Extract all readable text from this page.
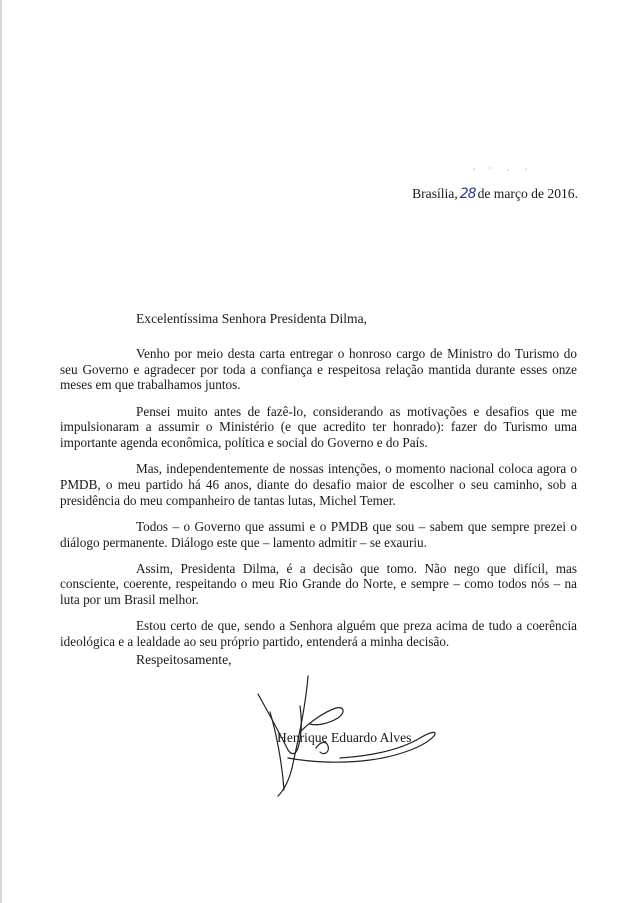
Brasília, 28 de março de 2016.
Excelentíssima Senhora Presidenta Dilma,

Venho por meio desta carta entregar o honroso cargo de Ministro do Turismo do seu Governo e agradecer por toda a confiança e respeitosa relação mantida durante esses onze meses em que trabalhamos juntos.

Pensei muito antes de fazê-lo, considerando as motivações e desafios que me impulsionaram a assumir o Ministério (e que acredito ter honrado): fazer do Turismo uma importante agenda econômica, política e social do Governo e do País.

Mas, independentemente de nossas intenções, o momento nacional coloca agora o PMDB, o meu partido há 46 anos, diante do desafio maior de escolher o seu caminho, sob a presidência do meu companheiro de tantas lutas, Michel Temer.

Todos – o Governo que assumi e o PMDB que sou – sabem que sempre prezei o diálogo permanente. Diálogo este que – lamento admitir – se exauriu.

Assim, Presidenta Dilma, é a decisão que tomo. Não nego que difícil, mas consciente, coerente, respeitando o meu Rio Grande do Norte, e sempre – como todos nós – na luta por um Brasil melhor.

Estou certo de que, sendo a Senhora alguém que preza acima de tudo a coerência ideológica e a lealdade ao seu próprio partido, entenderá a minha decisão.

Respeitosamente,
Henrique Eduardo Alves
